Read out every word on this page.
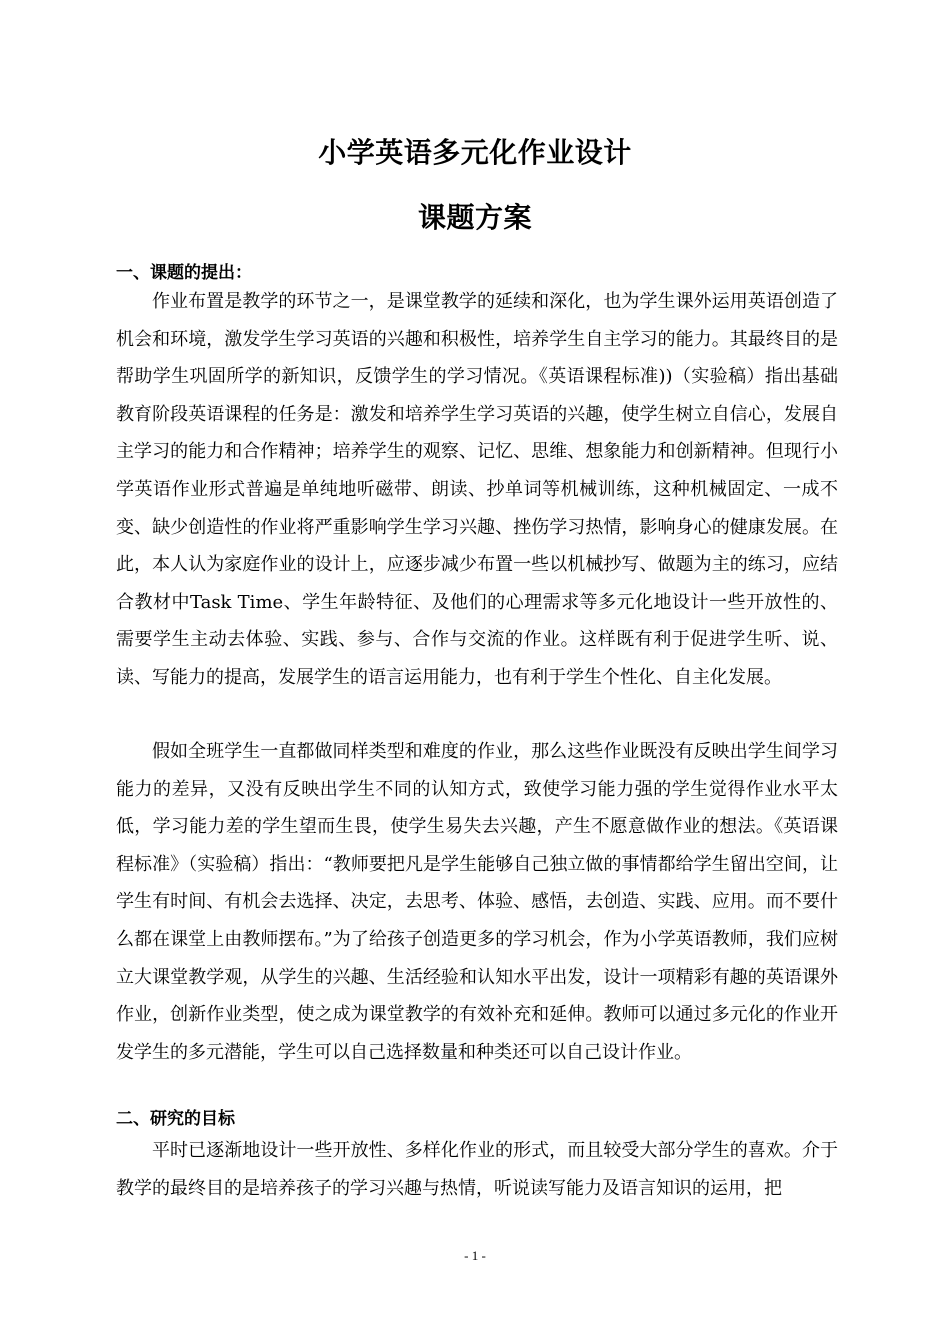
小学英语多元化作业设计
课题方案
一、课题的提出：

作业布置是教学的环节之一，是课堂教学的延续和深化，也为学生课外运用英语创造了机会和环境，激发学生学习英语的兴趣和积极性，培养学生自主学习的能力。其最终目的是帮助学生巩固所学的新知识，反馈学生的学习情况。《英语课程标准))（实验稿）指出基础教育阶段英语课程的任务是：激发和培养学生学习英语的兴趣，使学生树立自信心，发展自主学习的能力和合作精神；培养学生的观察、记忆、思维、想象能力和创新精神。但现行小学英语作业形式普遍是单纯地听磁带、朗读、抄单词等机械训练，这种机械固定、一成不变、缺少创造性的作业将严重影响学生学习兴趣、挫伤学习热情，影响身心的健康发展。在此，本人认为家庭作业的设计上，应逐步减少布置一些以机械抄写、做题为主的练习，应结合教材中Task Time、学生年龄特征、及他们的心理需求等多元化地设计一些开放性的、需要学生主动去体验、实践、参与、合作与交流的作业。这样既有利于促进学生听、说、读、写能力的提高，发展学生的语言运用能力，也有利于学生个性化、自主化发展。

假如全班学生一直都做同样类型和难度的作业，那么这些作业既没有反映出学生间学习能力的差异，又没有反映出学生不同的认知方式，致使学习能力强的学生觉得作业水平太低，学习能力差的学生望而生畏，使学生易失去兴趣，产生不愿意做作业的想法。《英语课程标准》（实验稿）指出：“教师要把凡是学生能够自己独立做的事情都给学生留出空间，让学生有时间、有机会去选择、决定，去思考、体验、感悟，去创造、实践、应用。而不要什么都在课堂上由教师摆布。”为了给孩子创造更多的学习机会，作为小学英语教师，我们应树立大课堂教学观，从学生的兴趣、生活经验和认知水平出发，设计一项精彩有趣的英语课外作业，创新作业类型，使之成为课堂教学的有效补充和延伸。教师可以通过多元化的作业开发学生的多元潜能，学生可以自己选择数量和种类还可以自己设计作业。

二、研究的目标

平时已逐渐地设计一些开放性、多样化作业的形式，而且较受大部分学生的喜欢。介于教学的最终目的是培养孩子的学习兴趣与热情，听说读写能力及语言知识的运用，把

- 1 -
